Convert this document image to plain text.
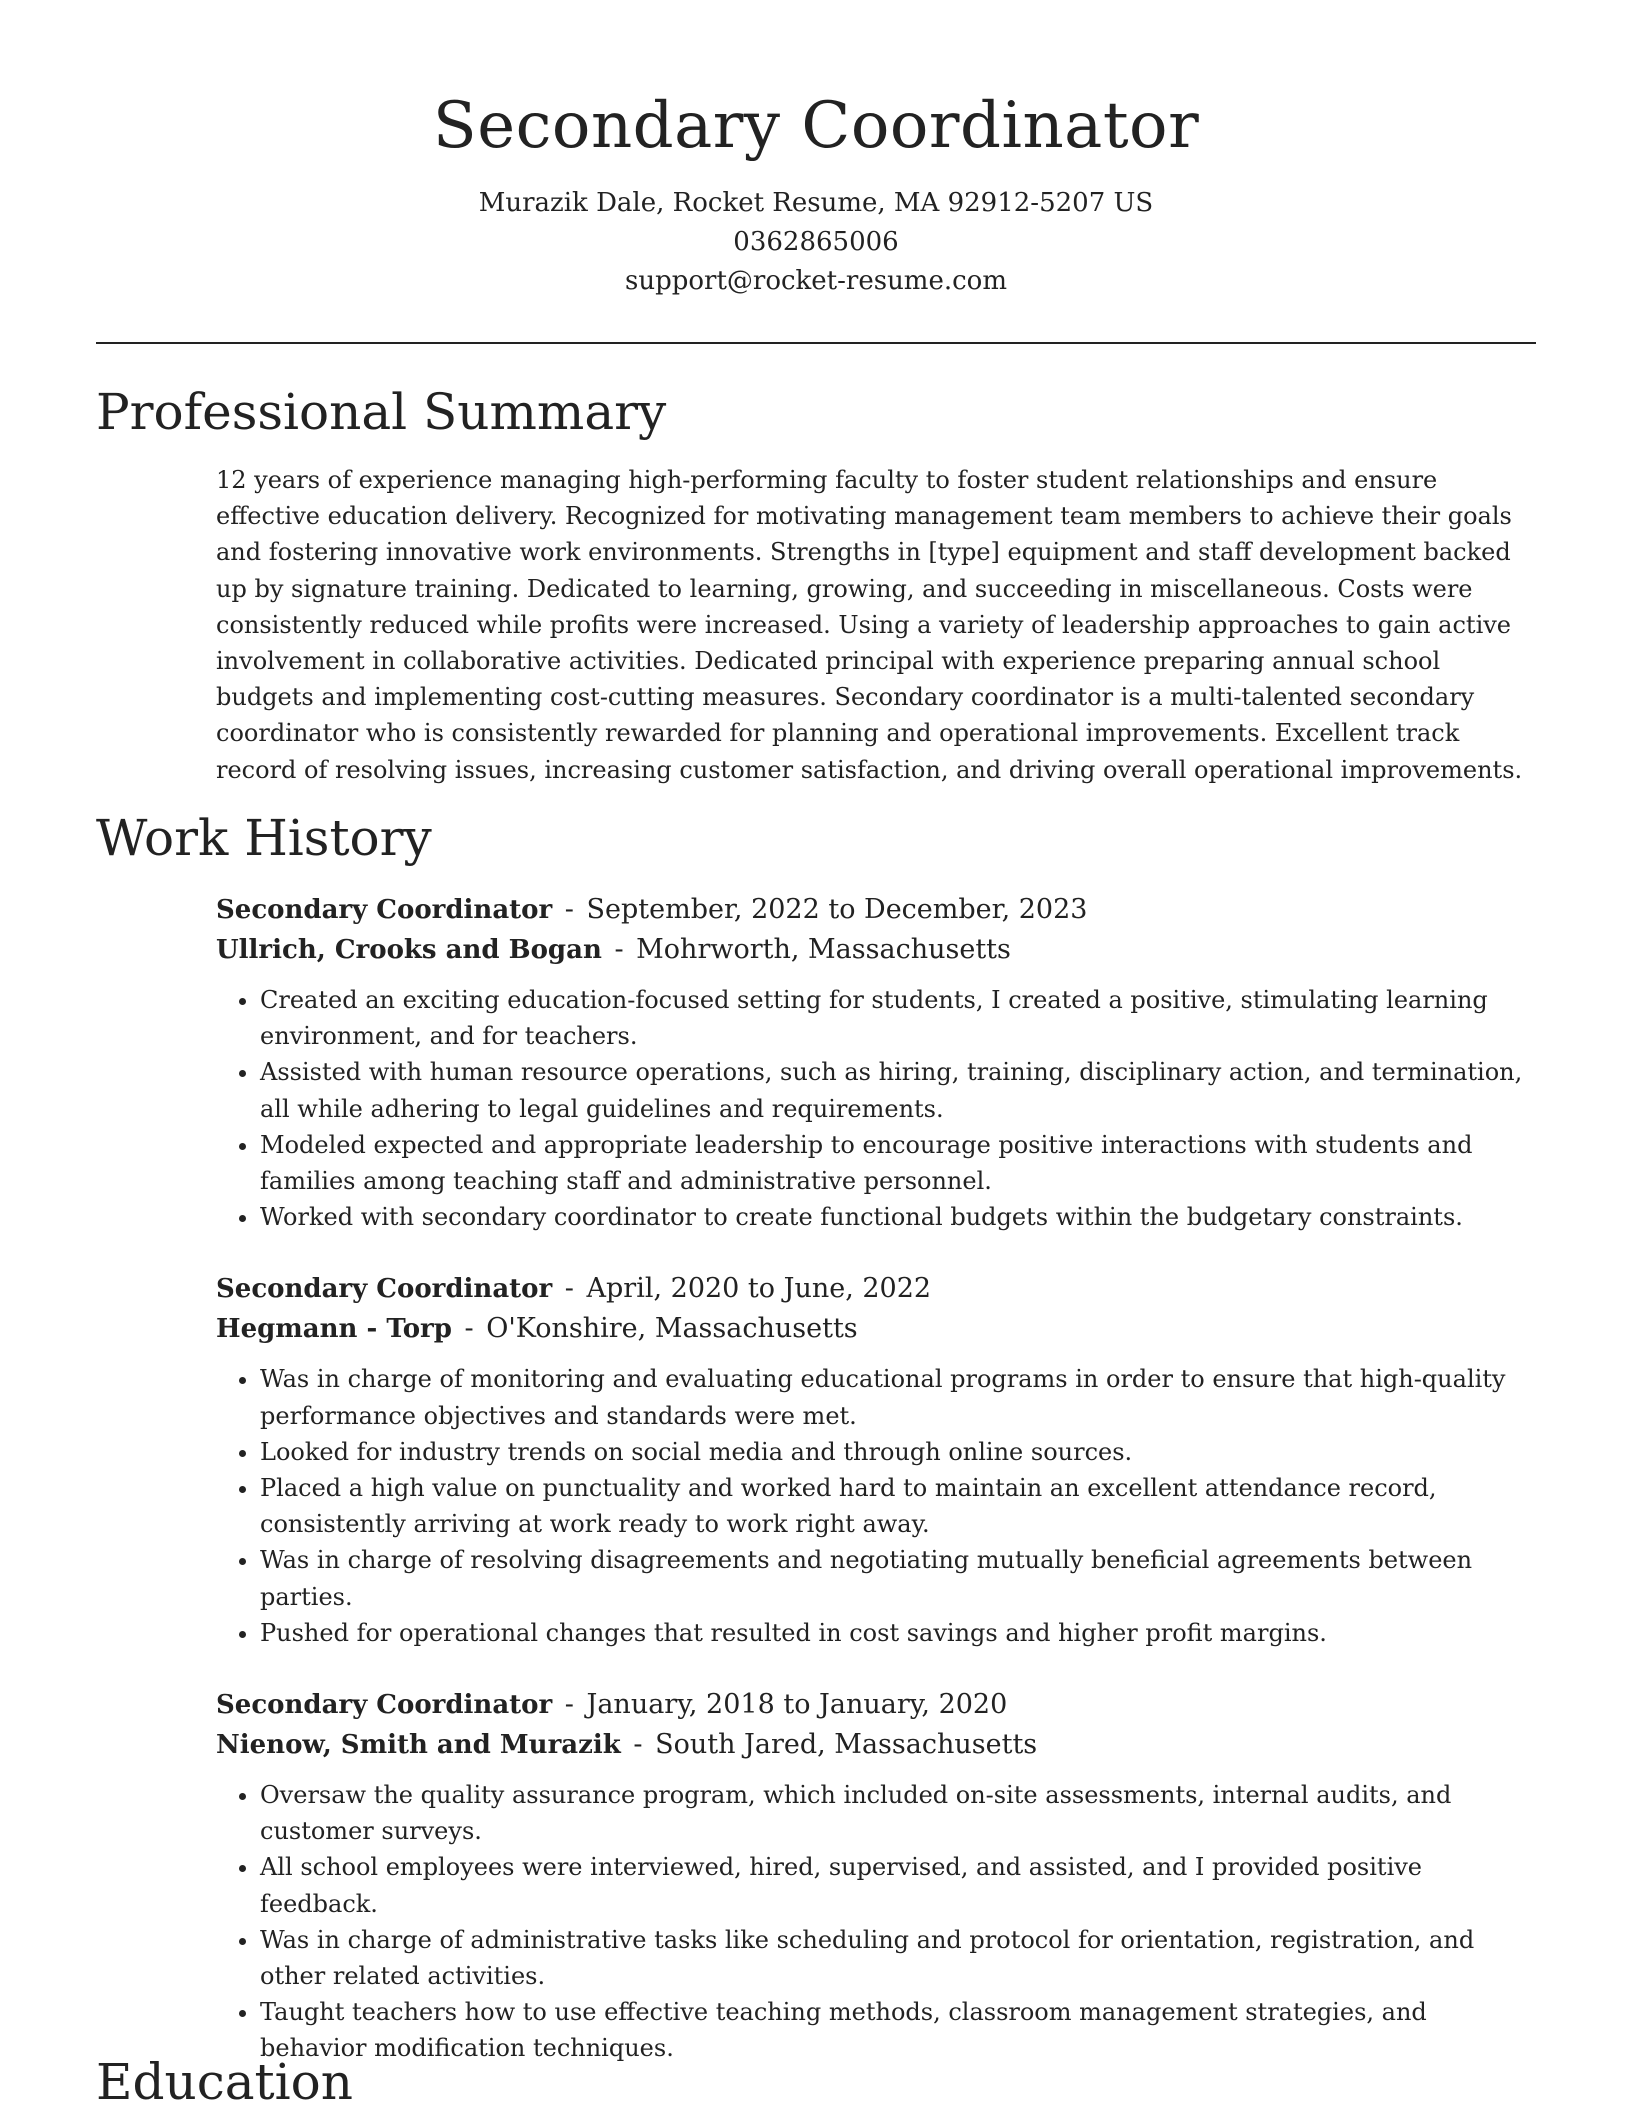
Secondary Coordinator
Murazik Dale, Rocket Resume, MA 92912-5207 US
0362865006
support@rocket-resume.com
Professional Summary

12 years of experience managing high-performing faculty to foster student relationships and ensure effective education delivery. Recognized for motivating management team members to achieve their goals and fostering innovative work environments. Strengths in [type] equipment and staff development backed up by signature training. Dedicated to learning, growing, and succeeding in miscellaneous. Costs were consistently reduced while profits were increased. Using a variety of leadership approaches to gain active involvement in collaborative activities. Dedicated principal with experience preparing annual school budgets and implementing cost-cutting measures. Secondary coordinator is a multi-talented secondary coordinator who is consistently rewarded for planning and operational improvements. Excellent track record of resolving issues, increasing customer satisfaction, and driving overall operational improvements.

Work History
Secondary Coordinator - September, 2022 to December, 2023
Ullrich, Crooks and Bogan - Mohrworth, Massachusetts
• Created an exciting education-focused setting for students, I created a positive, stimulating learning environment, and for teachers.
• Assisted with human resource operations, such as hiring, training, disciplinary action, and termination, all while adhering to legal guidelines and requirements.
• Modeled expected and appropriate leadership to encourage positive interactions with students and families among teaching staff and administrative personnel.
• Worked with secondary coordinator to create functional budgets within the budgetary constraints.
Secondary Coordinator - April, 2020 to June, 2022
Hegmann - Torp - O'Konshire, Massachusetts
• Was in charge of monitoring and evaluating educational programs in order to ensure that high-quality performance objectives and standards were met.
• Looked for industry trends on social media and through online sources.
• Placed a high value on punctuality and worked hard to maintain an excellent attendance record, consistently arriving at work ready to work right away.
• Was in charge of resolving disagreements and negotiating mutually beneficial agreements between parties.
• Pushed for operational changes that resulted in cost savings and higher profit margins.
Secondary Coordinator - January, 2018 to January, 2020
Nienow, Smith and Murazik - South Jared, Massachusetts
• Oversaw the quality assurance program, which included on-site assessments, internal audits, and customer surveys.
• All school employees were interviewed, hired, supervised, and assisted, and I provided positive feedback.
• Was in charge of administrative tasks like scheduling and protocol for orientation, registration, and other related activities.
• Taught teachers how to use effective teaching methods, classroom management strategies, and behavior modification techniques.
Education
